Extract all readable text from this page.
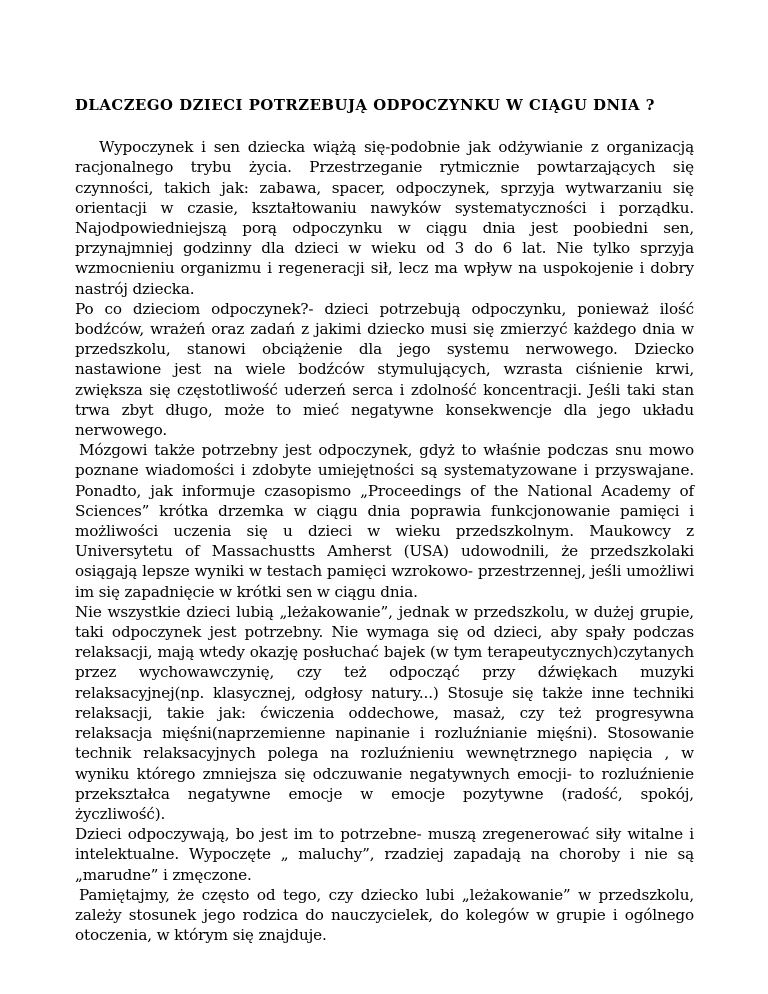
DLACZEGO DZIECI POTRZEBUJĄ ODPOCZYNKU W CIĄGU DNIA ?

Wypoczynek i sen dziecka wiążą się-podobnie jak odżywianie z organizacją racjonalnego trybu życia. Przestrzeganie rytmicznie powtarzających się czynności, takich jak: zabawa, spacer, odpoczynek, sprzyja wytwarzaniu się orientacji w czasie, kształtowaniu nawyków systematyczności i porządku. Najodpowiedniejszą porą odpoczynku w ciągu dnia jest poobiedni sen, przynajmniej godzinny dla dzieci w wieku od 3 do 6 lat. Nie tylko sprzyja wzmocnieniu organizmu i regeneracji sił, lecz ma wpływ na uspokojenie i dobry nastrój dziecka.

Po co dzieciom odpoczynek?- dzieci potrzebują odpoczynku, ponieważ ilość bodźców, wrażeń oraz zadań z jakimi dziecko musi się zmierzyć każdego dnia w przedszkolu, stanowi obciążenie dla jego systemu nerwowego. Dziecko nastawione jest na wiele bodźców stymulujących, wzrasta ciśnienie krwi, zwiększa się częstotliwość uderzeń serca i zdolność koncentracji. Jeśli taki stan trwa zbyt długo, może to mieć negatywne konsekwencje dla jego układu nerwowego.

Mózgowi także potrzebny jest odpoczynek, gdyż to właśnie podczas snu mowo poznane wiadomości i zdobyte umiejętności są systematyzowane i przyswajane. Ponadto, jak informuje czasopismo „Proceedings of the National Academy of Sciences” krótka drzemka w ciągu dnia poprawia funkcjonowanie pamięci i możliwości uczenia się u dzieci w wieku przedszkolnym. Maukowcy z Universytetu of Massachustts Amherst (USA) udowodnili, że przedszkolaki osiągają lepsze wyniki w testach pamięci wzrokowo- przestrzennej, jeśli umożliwi im się zapadnięcie w krótki sen w ciągu dnia.

Nie wszystkie dzieci lubią „leżakowanie”, jednak w przedszkolu, w dużej grupie, taki odpoczynek jest potrzebny. Nie wymaga się od dzieci, aby spały podczas relaksacji, mają wtedy okazję posłuchać bajek (w tym terapeutycznych)czytanych przez wychowawczynię, czy też odpocząć przy dźwiękach muzyki relaksacyjnej(np. klasycznej, odgłosy natury...) Stosuje się także inne techniki relaksacji, takie jak: ćwiczenia oddechowe, masaż, czy też progresywna relaksacja mięśni(naprzemienne napinanie i rozluźnianie mięśni). Stosowanie technik relaksacyjnych polega na rozluźnieniu wewnętrznego napięcia , w wyniku którego zmniejsza się odczuwanie negatywnych emocji- to rozluźnienie przekształca negatywne emocje w emocje pozytywne (radość, spokój, życzliwość).

Dzieci odpoczywają, bo jest im to potrzebne- muszą zregenerować siły witalne i intelektualne. Wypoczęte „ maluchy”, rzadziej zapadają na choroby i nie są „marudne” i zmęczone.

Pamiętajmy, że często od tego, czy dziecko lubi „leżakowanie” w przedszkolu, zależy stosunek jego rodzica do nauczycielek, do kolegów w grupie i ogólnego otoczenia, w którym się znajduje.
